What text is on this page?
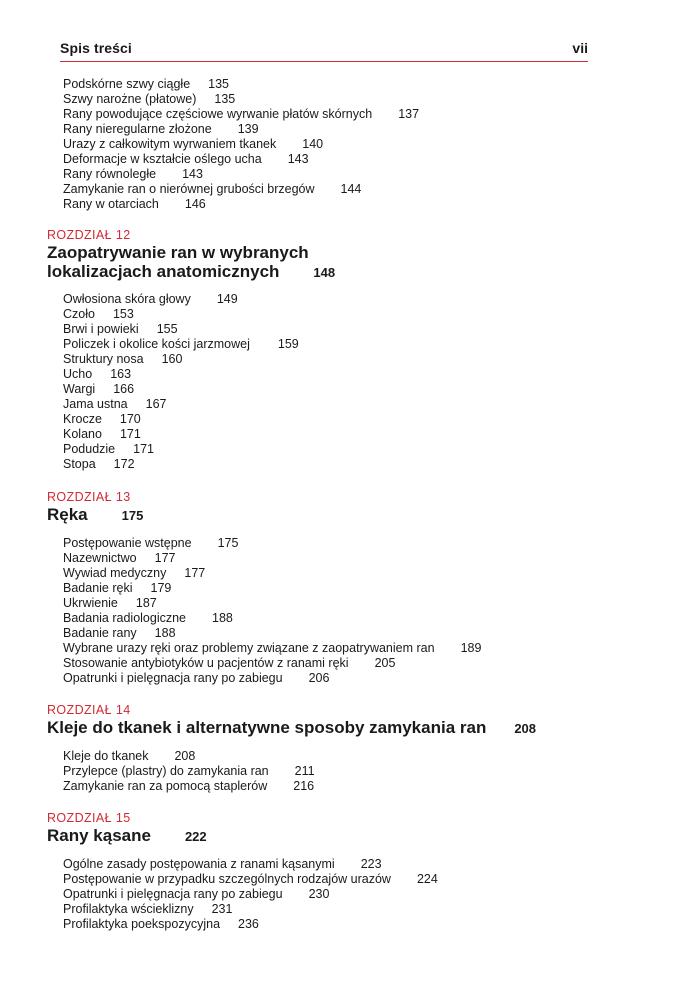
Spis treści	vii
Podskórne szwy ciągłe 135
Szwy narożne (płatowe) 135
Rany powodujące częściowe wyrwanie płatów skórnych 137
Rany nieregularne złożone 139
Urazy z całkowitym wyrwaniem tkanek 140
Deformacje w kształcie oślego ucha 143
Rany równoległe 143
Zamykanie ran o nierównej grubości brzegów 144
Rany w otarciach 146
ROZDZIAŁ 12
Zaopatrywanie ran w wybranych
lokalizacjach anatomicznych	148
Owłosiona skóra głowy 149
Czoło 153
Brwi i powieki 155
Policzek i okolice kości jarzmowej 159
Struktury nosa 160
Ucho 163
Wargi 166
Jama ustna 167
Krocze 170
Kolano 171
Podudzie 171
Stopa 172
ROZDZIAŁ 13
Ręka	175
Postępowanie wstępne 175
Nazewnictwo 177
Wywiad medyczny 177
Badanie ręki 179
Ukrwienie 187
Badania radiologiczne 188
Badanie rany 188
Wybrane urazy ręki oraz problemy związane z zaopatrywaniem ran 189
Stosowanie antybiotyków u pacjentów z ranami ręki 205
Opatrunki i pielęgnacja rany po zabiegu 206
ROZDZIAŁ 14
Kleje do tkanek i alternatywne sposoby zamykania ran 208
Kleje do tkanek 208
Przylepce (plastry) do zamykania ran 211
Zamykanie ran za pomocą staplerów 216
ROZDZIAŁ 15
Rany kąsane	222
Ogólne zasady postępowania z ranami kąsanymi 223
Postępowanie w przypadku szczególnych rodzajów urazów 224
Opatrunki i pielęgnacja rany po zabiegu 230
Profilaktyka wścieklizny 231
Profilaktyka poekspozycyjna 236
